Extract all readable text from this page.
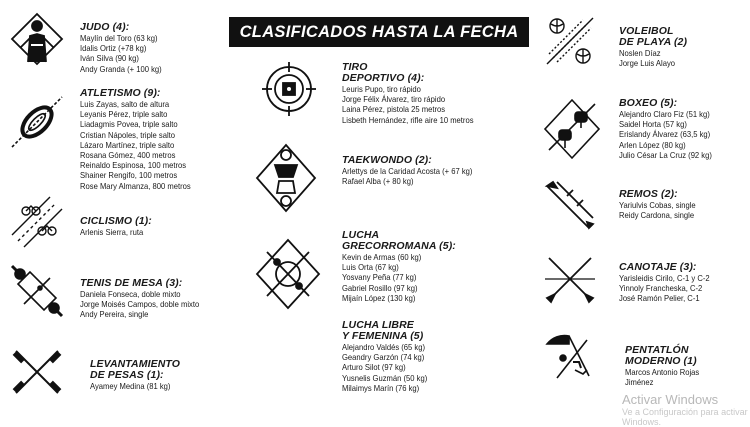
CLASIFICADOS HASTA LA FECHA
JUDO (4):
Maylín del Toro (63 kg)
Idalis Ortiz (+78 kg)
Iván Silva (90 kg)
Andy Granda (+ 100 kg)
ATLETISMO (9):
Luis Zayas, salto de altura
Leyanis Pérez, triple salto
Liadagmis Povea, triple salto
Cristian Nápoles, triple salto
Lázaro Martínez, triple salto
Rosana Gómez, 400 metros
Reinaldo Espinosa, 100 metros
Shainer Rengifo, 100 metros
Rose Mary Almanza, 800 metros
CICLISMO (1):
Arlenis Sierra, ruta
TENIS DE MESA (3):
Daniela Fonseca, doble mixto
Jorge Moisés Campos, doble mixto
Andy Pereira, single
LEVANTAMIENTO
DE PESAS (1):
Ayamey Medina (81 kg)
TIRO
DEPORTIVO (4):
Leuris Pupo, tiro rápido
Jorge Félix Álvarez, tiro rápido
Laina Pérez, pistola 25 metros
Lisbeth Hernández, rifle aire 10 metros
TAEKWONDO (2):
Arlettys de la Caridad Acosta (+ 67 kg)
Rafael Alba (+ 80 kg)
LUCHA
GRECORROMANA (5):
Kevin de Armas (60 kg)
Luis Orta (67 kg)
Yosvany Peña (77 kg)
Gabriel Rosillo (97 kg)
Mijaín López (130 kg)
LUCHA LIBRE
Y FEMENINA (5)
Alejandro Valdés (65 kg)
Geandry Garzón (74 kg)
Arturo Silot (97 kg)
Yusnelis Guzmán (50 kg)
Milaimys Marín (76 kg)
VOLEIBOL
DE PLAYA (2)
Noslen Díaz
Jorge Luis Alayo
BOXEO (5):
Alejandro Claro Fiz (51 kg)
Saidel Horta (57 kg)
Erislandy Álvarez (63,5 kg)
Arlen López (80 kg)
Julio César La Cruz (92 kg)
REMOS (2):
Yariulvis Cobas, single
Reidy Cardona, single
CANOTAJE (3):
Yarisleidis Cirilo, C-1 y C-2
Yinnoly Francheska, C-2
José Ramón Pelier, C-1
PENTATLÓN
MODERNO (1)
Marcos Antonio Rojas
Jiménez
Activar Windows
Ve a Configuración para activar Windows.
